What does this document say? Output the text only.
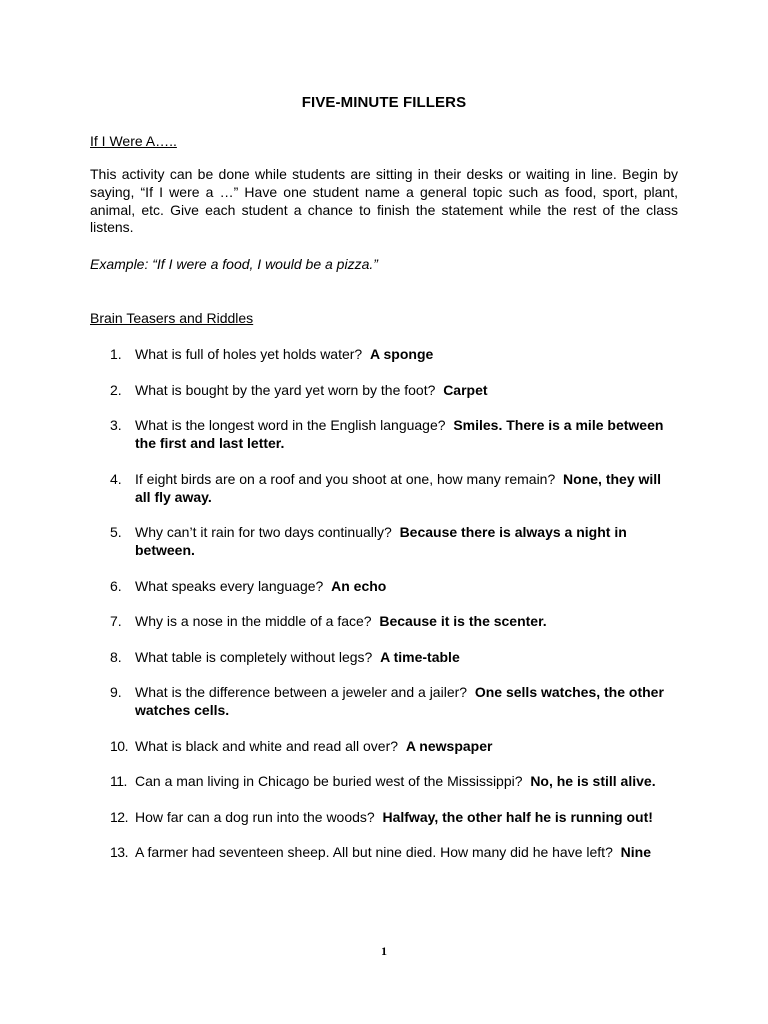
FIVE-MINUTE FILLERS
If I Were A…..
This activity can be done while students are sitting in their desks or waiting in line. Begin by saying, “If I were a …” Have one student name a general topic such as food, sport, plant, animal, etc. Give each student a chance to finish the statement while the rest of the class listens.
Example: “If I were a food, I would be a pizza.”
Brain Teasers and Riddles
1. What is full of holes yet holds water? A sponge
2. What is bought by the yard yet worn by the foot? Carpet
3. What is the longest word in the English language? Smiles. There is a mile between the first and last letter.
4. If eight birds are on a roof and you shoot at one, how many remain? None, they will all fly away.
5. Why can’t it rain for two days continually? Because there is always a night in between.
6. What speaks every language? An echo
7. Why is a nose in the middle of a face? Because it is the scenter.
8. What table is completely without legs? A time-table
9. What is the difference between a jeweler and a jailer? One sells watches, the other watches cells.
10. What is black and white and read all over? A newspaper
11. Can a man living in Chicago be buried west of the Mississippi? No, he is still alive.
12. How far can a dog run into the woods? Halfway, the other half he is running out!
13. A farmer had seventeen sheep. All but nine died. How many did he have left? Nine
1
